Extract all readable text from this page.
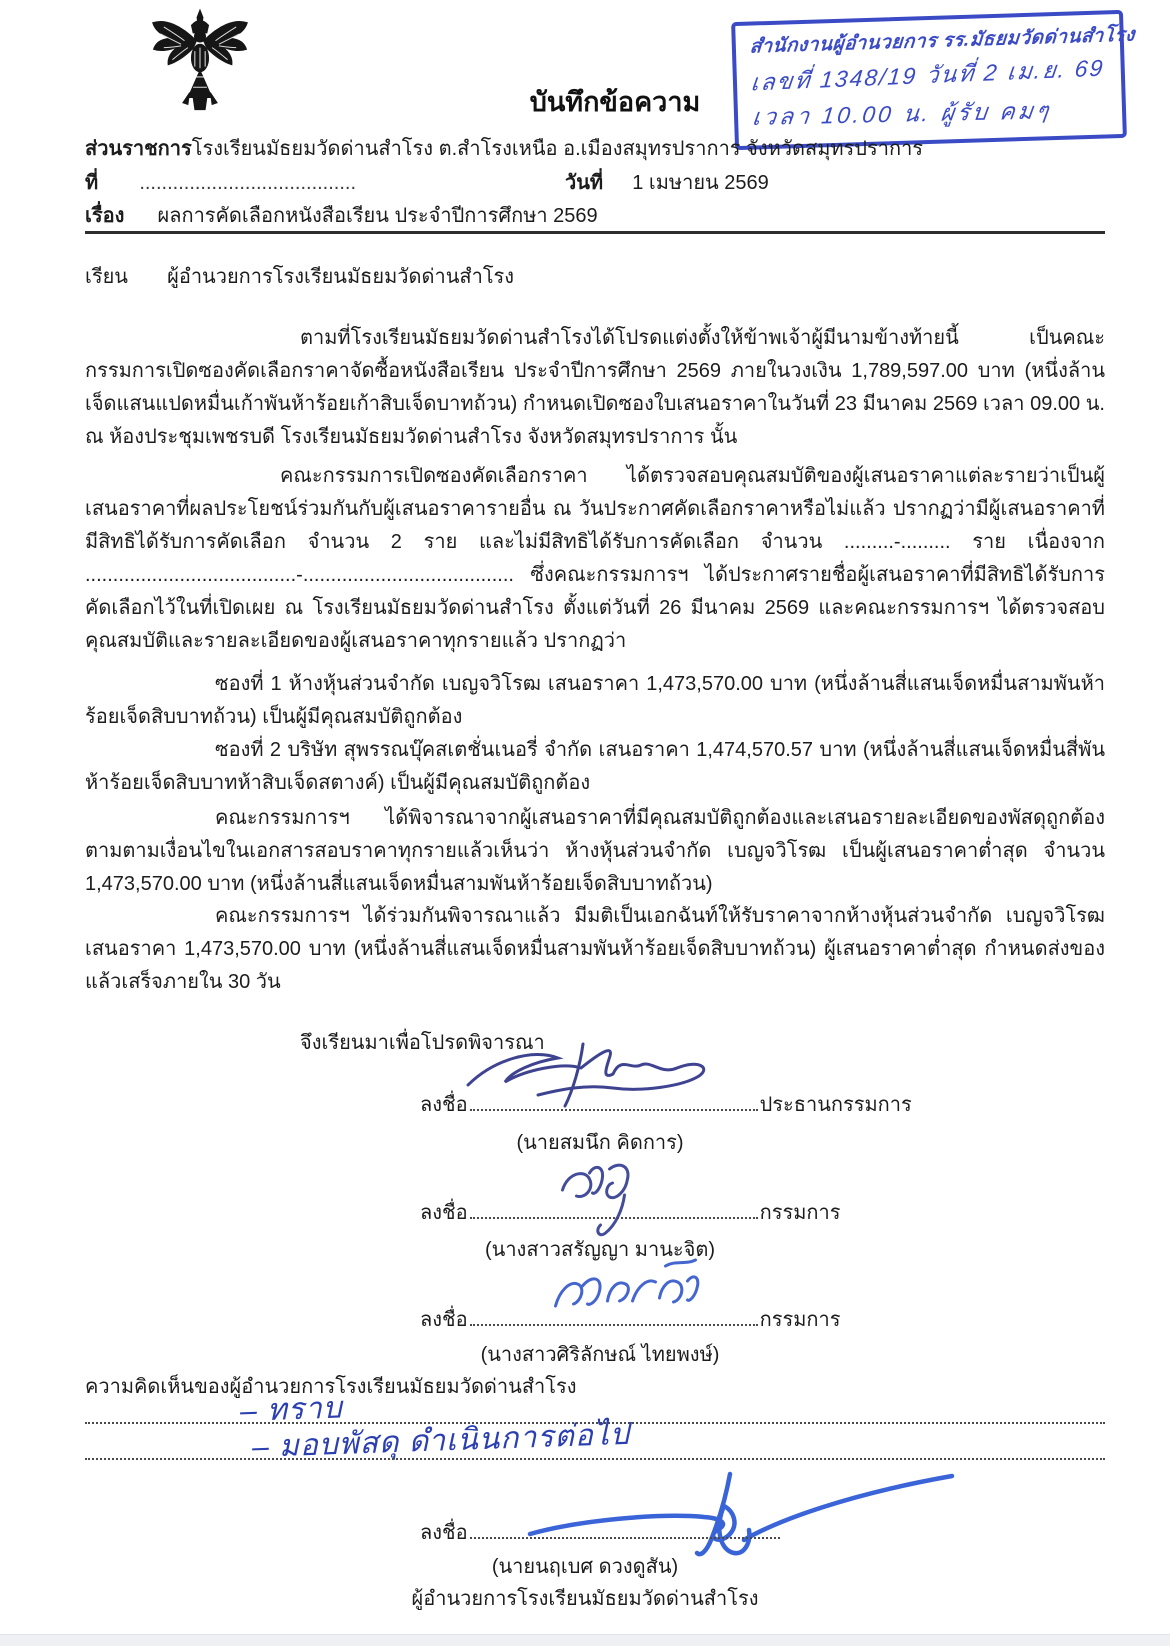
สำนักงานผู้อำนวยการ รร.มัธยมวัดด่านสำโรง
เลขที่ 1348/19 วันที่ 2 เม.ย. 69
เวลา 10.00 น. ผู้รับ คมๆ
บันทึกข้อความ
ส่วนราชการโรงเรียนมัธยมวัดด่านสำโรง ต.สำโรงเหนือ อ.เมืองสมุทรปราการ จังหวัดสมุทรปราการ
ที่ .......................................	วันที่ 1 เมษายน 2569
เรื่อง ผลการคัดเลือกหนังสือเรียน ประจำปีการศึกษา 2569
เรียน ผู้อำนวยการโรงเรียนมัธยมวัดด่านสำโรง

ตามที่โรงเรียนมัธยมวัดด่านสำโรงได้โปรดแต่งตั้งให้ข้าพเจ้าผู้มีนามข้างท้ายนี้ เป็นคณะกรรมการเปิดซองคัดเลือกราคาจัดซื้อหนังสือเรียน ประจำปีการศึกษา 2569 ภายในวงเงิน 1,789,597.00 บาท (หนึ่งล้านเจ็ดแสนแปดหมื่นเก้าพันห้าร้อยเก้าสิบเจ็ดบาทถ้วน) กำหนดเปิดซองใบเสนอราคาในวันที่ 23 มีนาคม 2569 เวลา 09.00 น. ณ ห้องประชุมเพชรบดี โรงเรียนมัธยมวัดด่านสำโรง จังหวัดสมุทรปราการ นั้น

คณะกรรมการเปิดซองคัดเลือกราคา ได้ตรวจสอบคุณสมบัติของผู้เสนอราคาแต่ละรายว่าเป็นผู้เสนอราคาที่ผลประโยชน์ร่วมกันกับผู้เสนอราคารายอื่น ณ วันประกาศคัดเลือกราคาหรือไม่แล้ว ปรากฏว่ามีผู้เสนอราคาที่มีสิทธิได้รับการคัดเลือก จำนวน 2 ราย และไม่มีสิทธิได้รับการคัดเลือก จำนวน .........-......... ราย เนื่องจาก ......................................-...................................... ซึ่งคณะกรรมการฯ ได้ประกาศรายชื่อผู้เสนอราคาที่มีสิทธิได้รับการคัดเลือกไว้ในที่เปิดเผย ณ โรงเรียนมัธยมวัดด่านสำโรง ตั้งแต่วันที่ 26 มีนาคม 2569 และคณะกรรมการฯ ได้ตรวจสอบคุณสมบัติและรายละเอียดของผู้เสนอราคาทุกรายแล้ว ปรากฏว่า

ซองที่ 1 ห้างหุ้นส่วนจำกัด เบญจวิโรฒ เสนอราคา 1,473,570.00 บาท (หนึ่งล้านสี่แสนเจ็ดหมื่นสามพันห้าร้อยเจ็ดสิบบาทถ้วน) เป็นผู้มีคุณสมบัติถูกต้อง

ซองที่ 2 บริษัท สุพรรณบุ๊คสเตชั่นเนอรี่ จำกัด เสนอราคา 1,474,570.57 บาท (หนึ่งล้านสี่แสนเจ็ดหมื่นสี่พันห้าร้อยเจ็ดสิบบาทห้าสิบเจ็ดสตางค์) เป็นผู้มีคุณสมบัติถูกต้อง

คณะกรรมการฯ ได้พิจารณาจากผู้เสนอราคาที่มีคุณสมบัติถูกต้องและเสนอรายละเอียดของพัสดุถูกต้องตามตามเงื่อนไขในเอกสารสอบราคาทุกรายแล้วเห็นว่า ห้างหุ้นส่วนจำกัด เบญจวิโรฒ เป็นผู้เสนอราคาต่ำสุด จำนวน 1,473,570.00 บาท (หนึ่งล้านสี่แสนเจ็ดหมื่นสามพันห้าร้อยเจ็ดสิบบาทถ้วน)

คณะกรรมการฯ ได้ร่วมกันพิจารณาแล้ว มีมติเป็นเอกฉันท์ให้รับราคาจากห้างหุ้นส่วนจำกัด เบญจวิโรฒ เสนอราคา 1,473,570.00 บาท (หนึ่งล้านสี่แสนเจ็ดหมื่นสามพันห้าร้อยเจ็ดสิบบาทถ้วน) ผู้เสนอราคาต่ำสุด กำหนดส่งของแล้วเสร็จภายใน 30 วัน

จึงเรียนมาเพื่อโปรดพิจารณา
ลงชื่อ	ประธานกรรมการ
(นายสมนึก คิดการ)
ลงชื่อ	กรรมการ
(นางสาวสรัญญา มานะจิต)
ลงชื่อ	กรรมการ
(นางสาวศิริลักษณ์ ไทยพงษ์)
ความคิดเห็นของผู้อำนวยการโรงเรียนมัธยมวัดด่านสำโรง
– ทราบ
– มอบพัสดุ ดำเนินการต่อไป
ลงชื่อ
(นายนฤเบศ ดวงดูสัน)
ผู้อำนวยการโรงเรียนมัธยมวัดด่านสำโรง
